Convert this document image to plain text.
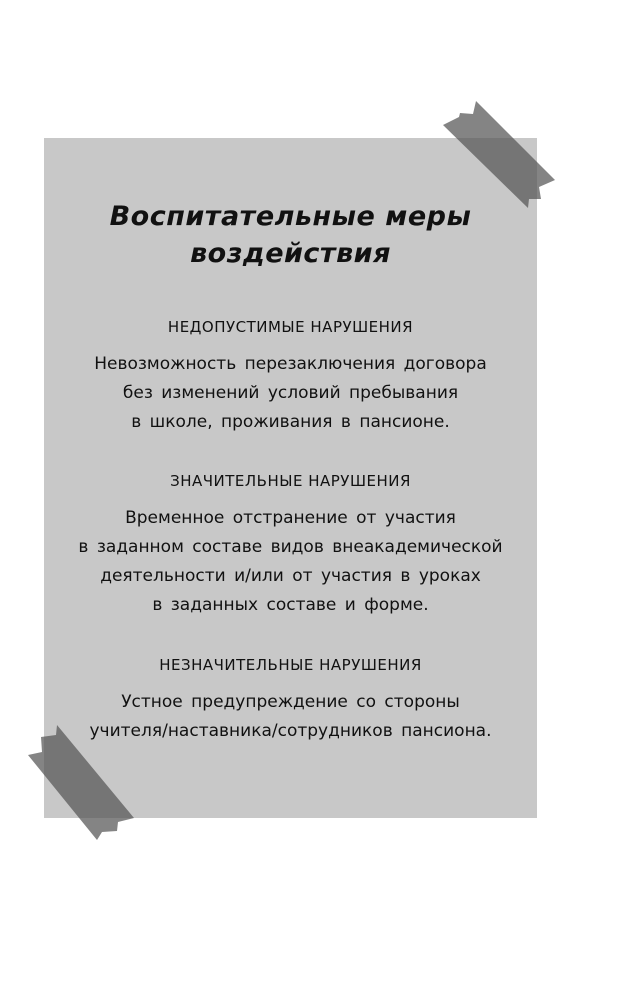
Воспитательные меры
воздействия
НЕДОПУСТИМЫЕ НАРУШЕНИЯ
Невозможность перезаключения договора
без изменений условий пребывания
в школе, проживания в пансионе.
ЗНАЧИТЕЛЬНЫЕ НАРУШЕНИЯ
Временное отстранение от участия
в заданном составе видов внеакадемической
деятельности и/или от участия в уроках
в заданных составе и форме.
НЕЗНАЧИТЕЛЬНЫЕ НАРУШЕНИЯ
Устное предупреждение со стороны
учителя/наставника/сотрудников пансиона.
